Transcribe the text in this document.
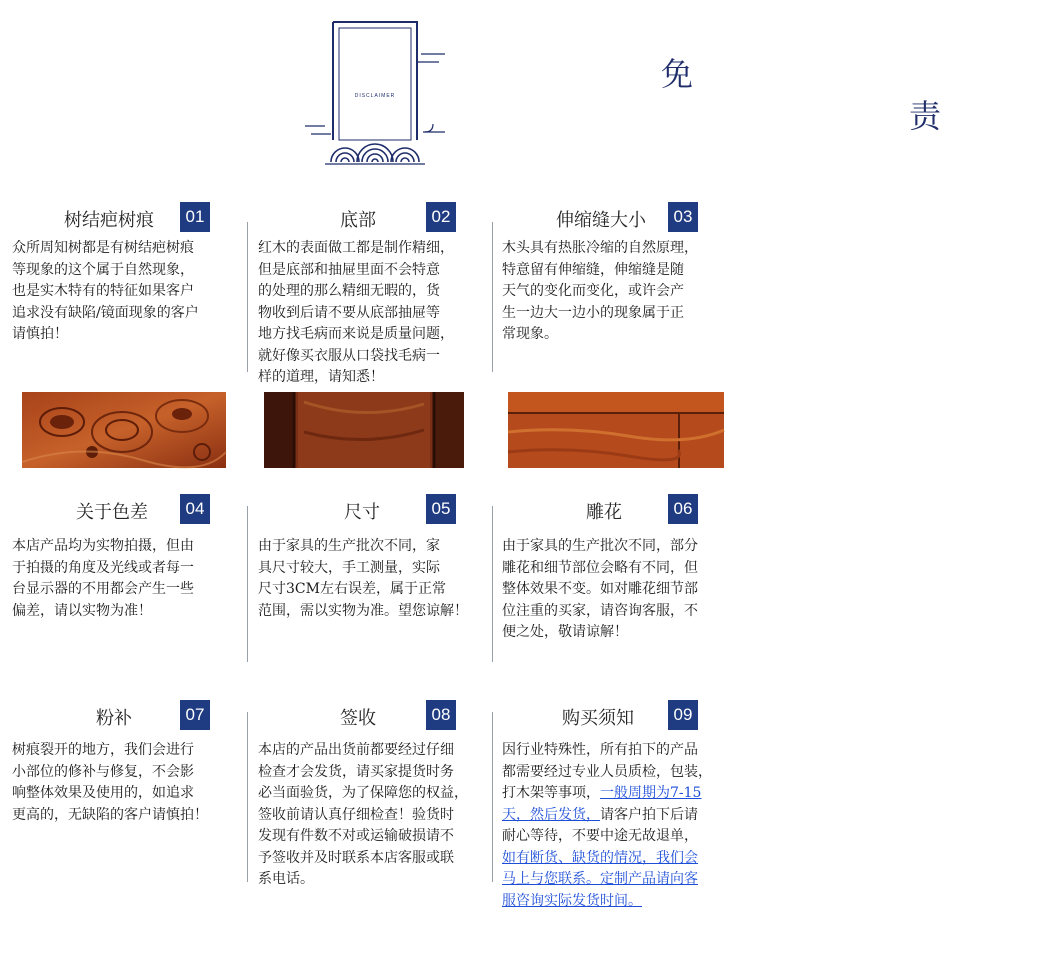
免
DISCLAIMER
责
树结疤树痕	01
众所周知树都是有树结疤树痕
等现象的这个属于自然现象，
也是实木特有的特征如果客户
追求没有缺陷/镜面现象的客户
请慎拍！
底部	02
红木的表面做工都是制作精细，
但是底部和抽屉里面不会特意
的处理的那么精细无暇的，货
物收到后请不要从底部抽屉等
地方找毛病而来说是质量问题，
就好像买衣服从口袋找毛病一
样的道理，请知悉！
伸缩缝大小	03
木头具有热胀冷缩的自然原理，
特意留有伸缩缝，伸缩缝是随
天气的变化而变化，或许会产
生一边大一边小的现象属于正
常现象。
关于色差	04
本店产品均为实物拍摄，但由
于拍摄的角度及光线或者每一
台显示器的不用都会产生一些
偏差，请以实物为准！
尺寸	05
由于家具的生产批次不同，家
具尺寸较大，手工测量，实际
尺寸3CM左右误差，属于正常
范围，需以实物为准。望您谅解！
雕花	06
由于家具的生产批次不同，部分
雕花和细节部位会略有不同，但
整体效果不变。如对雕花细节部
位注重的买家，请咨询客服，不
便之处，敬请谅解！
粉补	07
树痕裂开的地方，我们会进行
小部位的修补与修复，不会影
响整体效果及使用的，如追求
更高的，无缺陷的客户请慎拍！
签收	08
本店的产品出货前都要经过仔细
检查才会发货，请买家提货时务
必当面验货，为了保障您的权益，
签收前请认真仔细检查！验货时
发现有件数不对或运输破损请不
予签收并及时联系本店客服或联
系电话。
购买须知	09
因行业特殊性，所有拍下的产品
都需要经过专业人员质检，包装，
打木架等事项，一般周期为7-15
天，然后发货，请客户拍下后请
耐心等待，不要中途无故退单，
如有断货、缺货的情况，我们会
马上与您联系。定制产品请向客
服咨询实际发货时间。
